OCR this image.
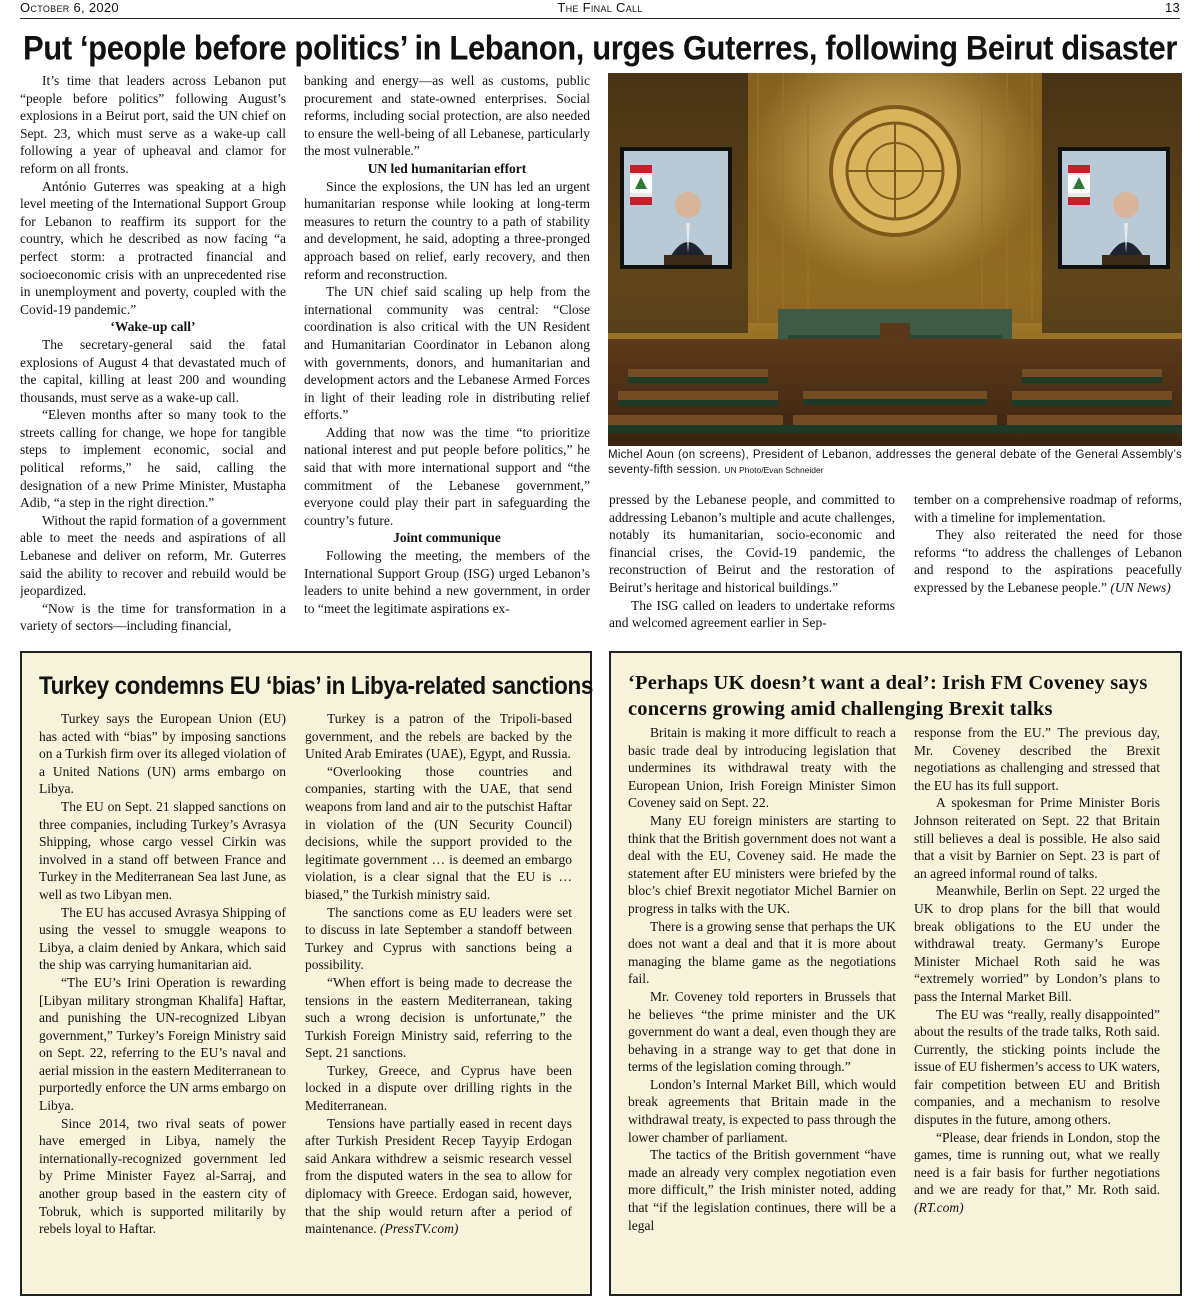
October 6, 2020	The Final Call	13
Put ‘people before politics’ in Lebanon, urges Guterres, following Beirut disaster

It’s time that leaders across Lebanon put “people before politics” following August’s explosions in a Beirut port, said the UN chief on Sept. 23, which must serve as a wake-up call following a year of upheaval and clamor for reform on all fronts.

António Guterres was speaking at a high level meeting of the International Support Group for Lebanon to reaffirm its support for the country, which he described as now facing “a perfect storm: a protracted financial and socioeconomic crisis with an unprecedented rise in unemployment and poverty, coupled with the Covid-19 pandemic.”

‘Wake-up call’

The secretary-general said the fatal explosions of August 4 that devastated much of the capital, killing at least 200 and wounding thousands, must serve as a wake-up call.

“Eleven months after so many took to the streets calling for change, we hope for tangible steps to implement economic, social and political reforms,” he said, calling the designation of a new Prime Minister, Mustapha Adib, “a step in the right direction.”

Without the rapid formation of a government able to meet the needs and aspirations of all Lebanese and deliver on reform, Mr. Guterres said the ability to recover and rebuild would be jeopardized.

“Now is the time for transformation in a variety of sectors—including financial,

banking and energy—as well as customs, public procurement and state-owned enterprises. Social reforms, including social protection, are also needed to ensure the well-being of all Lebanese, particularly the most vulnerable.”

UN led humanitarian effort

Since the explosions, the UN has led an urgent humanitarian response while looking at long-term measures to return the country to a path of stability and development, he said, adopting a three-pronged approach based on relief, early recovery, and then reform and reconstruction.

The UN chief said scaling up help from the international community was central: “Close coordination is also critical with the UN Resident and Humanitarian Coordinator in Lebanon along with governments, donors, and humanitarian and development actors and the Lebanese Armed Forces in light of their leading role in distributing relief efforts.”

Adding that now was the time “to prioritize national interest and put people before politics,” he said that with more international support and “the commitment of the Lebanese government,” everyone could play their part in safeguarding the country’s future.

Joint communique

Following the meeting, the members of the International Support Group (ISG) urged Lebanon’s leaders to unite behind a new government, in order to “meet the legitimate aspirations ex-

pressed by the Lebanese people, and committed to addressing Lebanon’s multiple and acute challenges, notably its humanitarian, socio-economic and financial crises, the Covid-19 pandemic, the reconstruction of Beirut and the restoration of Beirut’s heritage and historical buildings.”

The ISG called on leaders to undertake reforms and welcomed agreement earlier in Sep-

tember on a comprehensive roadmap of reforms, with a timeline for implementation.

They also reiterated the need for those reforms “to address the challenges of Lebanon and respond to the aspirations peacefully expressed by the Lebanese people.” (UN News)

Michel Aoun (on screens), President of Lebanon, addresses the general debate of the General Assembly’s seventy-fifth session. UN Photo/Evan Schneider
Turkey condemns EU ‘bias’ in Libya-related sanctions

Turkey says the European Union (EU) has acted with “bias” by imposing sanctions on a Turkish firm over its alleged violation of a United Nations (UN) arms embargo on Libya.

The EU on Sept. 21 slapped sanctions on three companies, including Turkey’s Avrasya Shipping, whose cargo vessel Cirkin was involved in a stand off between France and Turkey in the Mediterranean Sea last June, as well as two Libyan men.

The EU has accused Avrasya Shipping of using the vessel to smuggle weapons to Libya, a claim denied by Ankara, which said the ship was carrying humanitarian aid.

“The EU’s Irini Operation is rewarding [Libyan military strongman Khalifa] Haftar, and punishing the UN-recognized Libyan government,” Turkey’s Foreign Ministry said on Sept. 22, referring to the EU’s naval and aerial mission in the eastern Mediterranean to purportedly enforce the UN arms embargo on Libya.

Since 2014, two rival seats of power have emerged in Libya, namely the internationally-recognized government led by Prime Minister Fayez al-Sarraj, and another group based in the eastern city of Tobruk, which is supported militarily by rebels loyal to Haftar.

Turkey is a patron of the Tripoli-based government, and the rebels are backed by the United Arab Emirates (UAE), Egypt, and Russia.

“Overlooking those countries and companies, starting with the UAE, that send weapons from land and air to the putschist Haftar in violation of the (UN Security Council) decisions, while the support provided to the legitimate government … is deemed an embargo violation, is a clear signal that the EU is … biased,” the Turkish ministry said.

The sanctions come as EU leaders were set to discuss in late September a standoff between Turkey and Cyprus with sanctions being a possibility.

“When effort is being made to decrease the tensions in the eastern Mediterranean, taking such a wrong decision is unfortunate,” the Turkish Foreign Ministry said, referring to the Sept. 21 sanctions.

Turkey, Greece, and Cyprus have been locked in a dispute over drilling rights in the Mediterranean.

Tensions have partially eased in recent days after Turkish President Recep Tayyip Erdogan said Ankara withdrew a seismic research vessel from the disputed waters in the sea to allow for diplomacy with Greece. Erdogan said, however, that the ship would return after a period of maintenance. (PressTV.com)

‘Perhaps UK doesn’t want a deal’: Irish FM Coveney says concerns growing amid challenging Brexit talks

Britain is making it more difficult to reach a basic trade deal by introducing legislation that undermines its withdrawal treaty with the European Union, Irish Foreign Minister Simon Coveney said on Sept. 22.

Many EU foreign ministers are starting to think that the British government does not want a deal with the EU, Coveney said. He made the statement after EU ministers were briefed by the bloc’s chief Brexit negotiator Michel Barnier on progress in talks with the UK.

There is a growing sense that perhaps the UK does not want a deal and that it is more about managing the blame game as the negotiations fail.

Mr. Coveney told reporters in Brussels that he believes “the prime minister and the UK government do want a deal, even though they are behaving in a strange way to get that done in terms of the legislation coming through.”

London’s Internal Market Bill, which would break agreements that Britain made in the withdrawal treaty, is expected to pass through the lower chamber of parliament.

The tactics of the British government “have made an already very complex negotiation even more difficult,” the Irish minister noted, adding that “if the legislation continues, there will be a legal

response from the EU.” The previous day, Mr. Coveney described the Brexit negotiations as challenging and stressed that the EU has its full support.

A spokesman for Prime Minister Boris Johnson reiterated on Sept. 22 that Britain still believes a deal is possible. He also said that a visit by Barnier on Sept. 23 is part of an agreed informal round of talks.

Meanwhile, Berlin on Sept. 22 urged the UK to drop plans for the bill that would break obligations to the EU under the withdrawal treaty. Germany’s Europe Minister Michael Roth said he was “extremely worried” by London’s plans to pass the Internal Market Bill.

The EU was “really, really disappointed” about the results of the trade talks, Roth said. Currently, the sticking points include the issue of EU fishermen’s access to UK waters, fair competition between EU and British companies, and a mechanism to resolve disputes in the future, among others.

“Please, dear friends in London, stop the games, time is running out, what we really need is a fair basis for further negotiations and we are ready for that,” Mr. Roth said. (RT.com)
